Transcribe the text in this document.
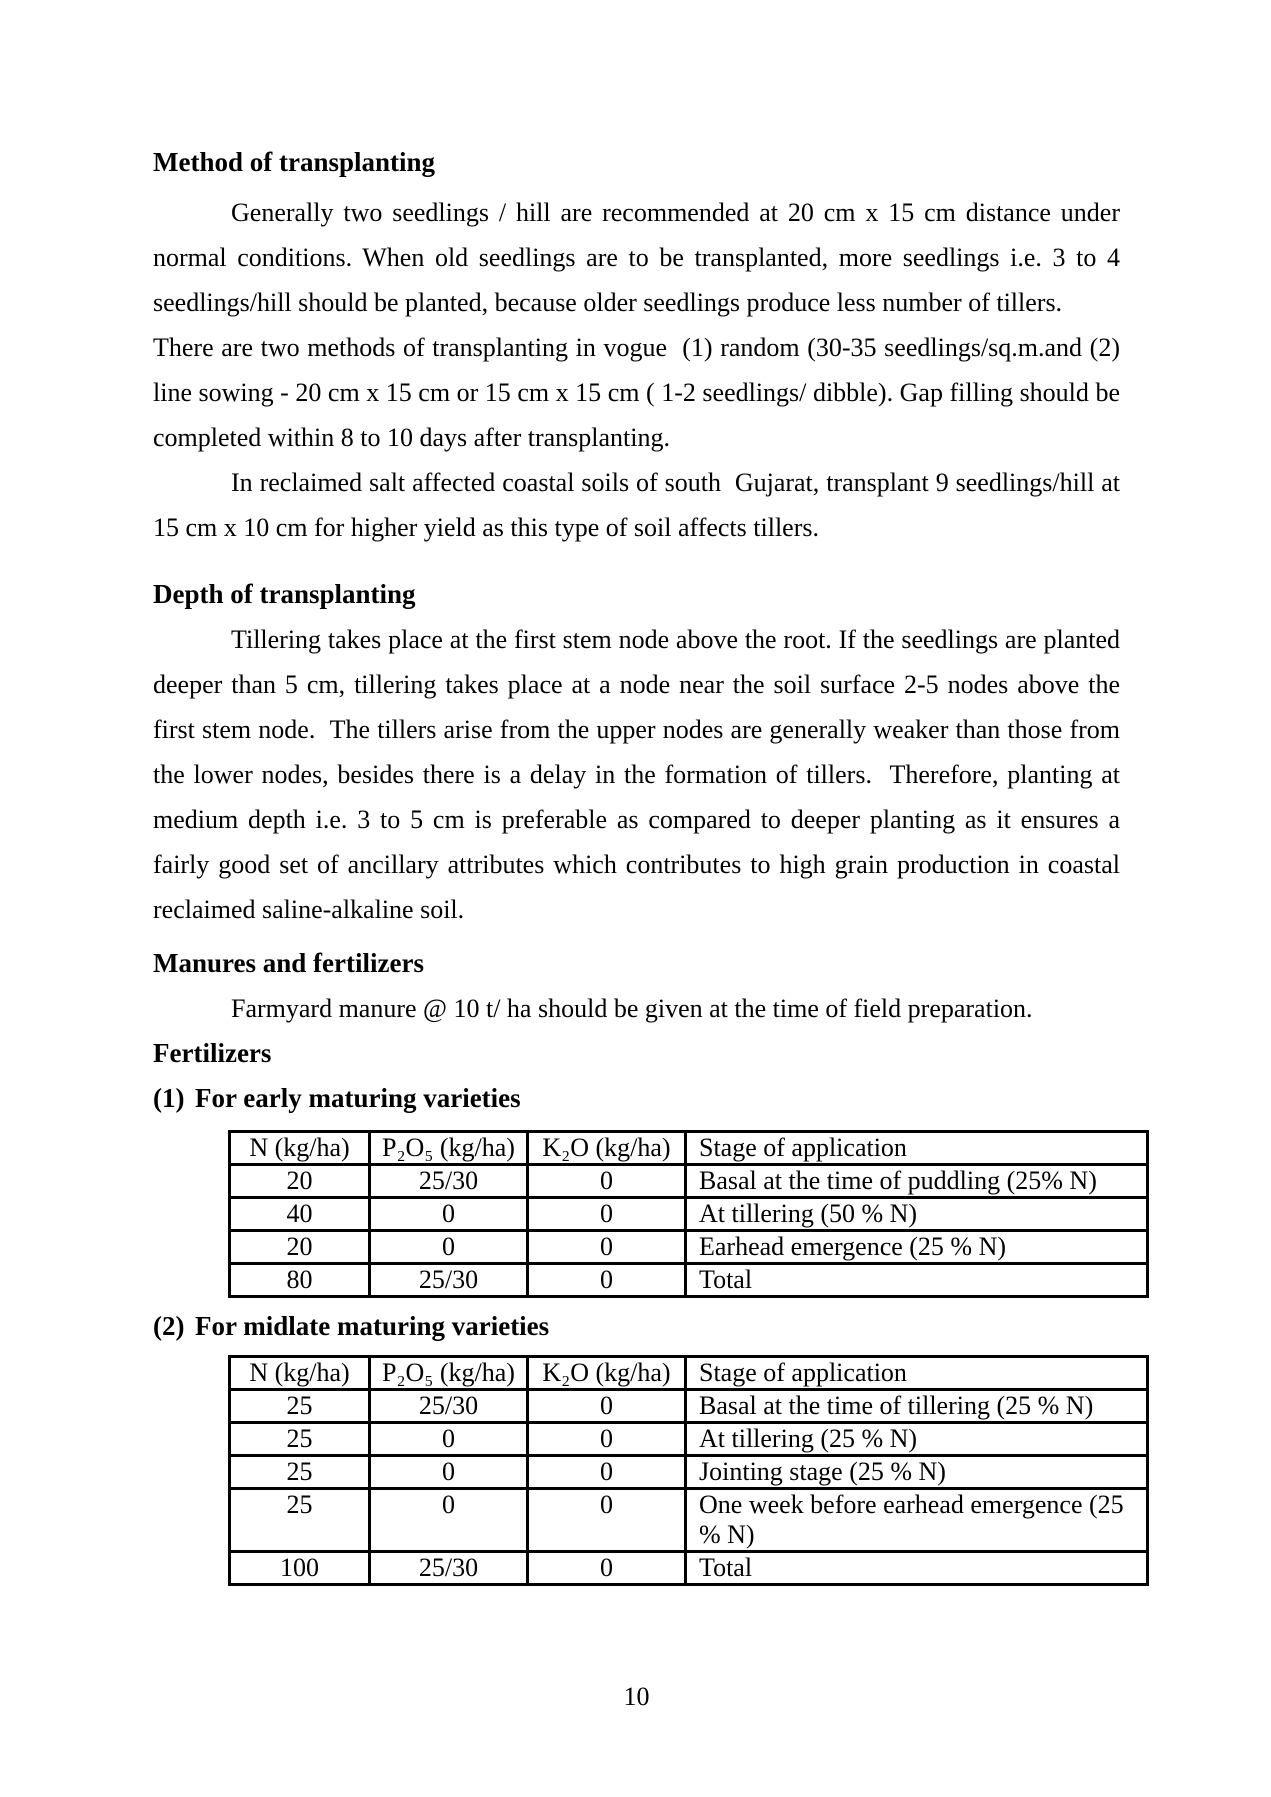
Method of transplanting

Generally two seedlings / hill are recommended at 20 cm x 15 cm distance under normal conditions. When old seedlings are to be transplanted, more seedlings i.e. 3 to 4 seedlings/hill should be planted, because older seedlings produce less number of tillers.

There are two methods of transplanting in vogue  (1) random (30-35 seedlings/sq.m.and (2) line sowing - 20 cm x 15 cm or 15 cm x 15 cm ( 1-2 seedlings/ dibble). Gap filling should be completed within 8 to 10 days after transplanting.

In reclaimed salt affected coastal soils of south  Gujarat, transplant 9 seedlings/hill at 15 cm x 10 cm for higher yield as this type of soil affects tillers.

Depth of transplanting

Tillering takes place at the first stem node above the root. If the seedlings are planted deeper than 5 cm, tillering takes place at a node near the soil surface 2-5 nodes above the first stem node.  The tillers arise from the upper nodes are generally weaker than those from the lower nodes, besides there is a delay in the formation of tillers.  Therefore, planting at medium depth i.e. 3 to 5 cm is preferable as compared to deeper planting as it ensures a fairly good set of ancillary attributes which contributes to high grain production in coastal reclaimed saline-alkaline soil.

Manures and fertilizers

Farmyard manure @ 10 t/ ha should be given at the time of field preparation.

Fertilizers
(1) For early maturing varieties
N (kg/ha)	P₂O₅ (kg/ha)	K₂O (kg/ha)	Stage of application
20	25/30	0	Basal at the time of puddling (25% N)
40	0	0	At tillering (50 % N)
20	0	0	Earhead emergence (25 % N)
80	25/30	0	Total
(2) For midlate maturing varieties
N (kg/ha)	P₂O₅ (kg/ha)	K₂O (kg/ha)	Stage of application
25	25/30	0	Basal at the time of tillering (25 % N)
25	0	0	At tillering (25 % N)
25	0	0	Jointing stage (25 % N)
25	0	0	One week before earhead emergence (25 % N)
100	25/30	0	Total
10
